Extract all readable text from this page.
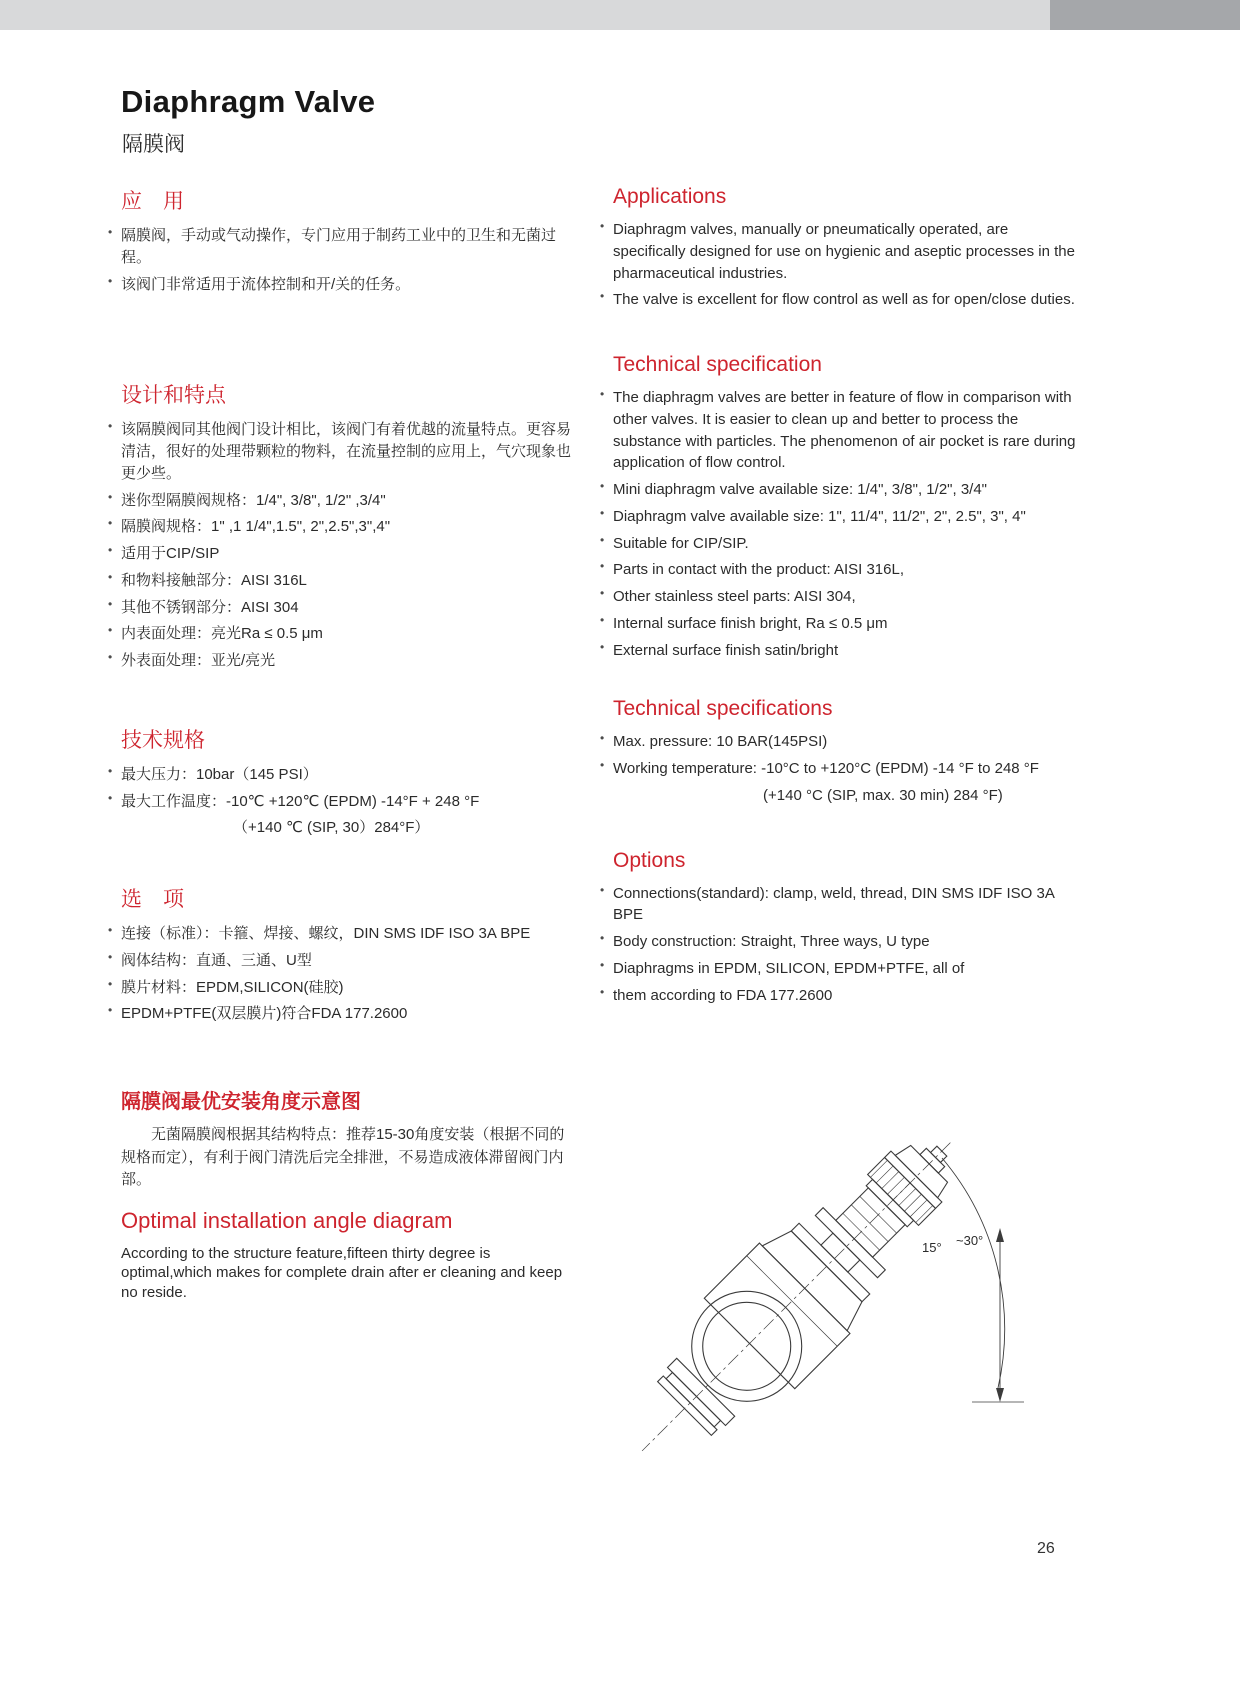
Diaphragm Valve
隔膜阀
应　用
• 隔膜阀，手动或气动操作，专门应用于制药工业中的卫生和无菌过程。
• 该阀门非常适用于流体控制和开/关的任务。
设计和特点
• 该隔膜阀同其他阀门设计相比，该阀门有着优越的流量特点。更容易清洁，很好的处理带颗粒的物料，在流量控制的应用上，气穴现象也更少些。
• 迷你型隔膜阀规格：1/4", 3/8", 1/2" ,3/4"
• 隔膜阀规格：1" ,1 1/4",1.5", 2",2.5",3",4"
• 适用于CIP/SIP
• 和物料接触部分：AISI 316L
• 其他不锈钢部分：AISI 304
• 内表面处理：亮光Ra ≤ 0.5 μm
• 外表面处理：亚光/亮光
技术规格
• 最大压力：10bar（145 PSI）
• 最大工作温度：-10℃ +120℃ (EPDM) -14°F + 248 °F
（+140 ℃ (SIP, 30）284°F）
选　项
• 连接（标准）：卡箍、焊接、螺纹，DIN SMS IDF ISO 3A BPE
• 阀体结构：直通、三通、U型
• 膜片材料：EPDM,SILICON(硅胶)
• EPDM+PTFE(双层膜片)符合FDA 177.2600
隔膜阀最优安装角度示意图

无菌隔膜阀根据其结构特点：推荐15-30角度安装（根据不同的规格而定），有利于阀门清洗后完全排泄，不易造成液体滞留阀门内部。

Optimal installation angle diagram

According to the structure feature,fifteen thirty degree is optimal,which makes for complete drain after er cleaning and keep no reside.

Applications
• Diaphragm valves, manually or pneumatically operated, are specifically designed for use on hygienic and aseptic processes in the pharmaceutical industries.
• The valve is excellent for flow control as well as for open/close duties.
Technical specification
• The diaphragm valves are better in feature of flow in comparison with other valves. It is easier to clean up and better to process the substance with particles. The phenomenon of air pocket is rare during application of flow control.
• Mini diaphragm valve available size: 1/4", 3/8", 1/2", 3/4"
• Diaphragm valve available size: 1", 11/4", 11/2", 2", 2.5", 3", 4"
• Suitable for CIP/SIP.
• Parts in contact with the product: AISI 316L,
• Other stainless steel parts: AISI 304,
• Internal surface finish bright, Ra ≤ 0.5 μm
• External surface finish satin/bright
Technical specifications
• Max. pressure: 10 BAR(145PSI)
• Working temperature: -10°C to +120°C (EPDM) -14 °F to 248 °F
(+140 °C (SIP, max. 30 min) 284 °F)
Options
• Connections(standard): clamp, weld, thread, DIN SMS IDF ISO 3A BPE
• Body construction: Straight, Three ways, U type
• Diaphragms in EPDM, SILICON, EPDM+PTFE, all of
• them according to FDA 177.2600
15° ~30°
26
